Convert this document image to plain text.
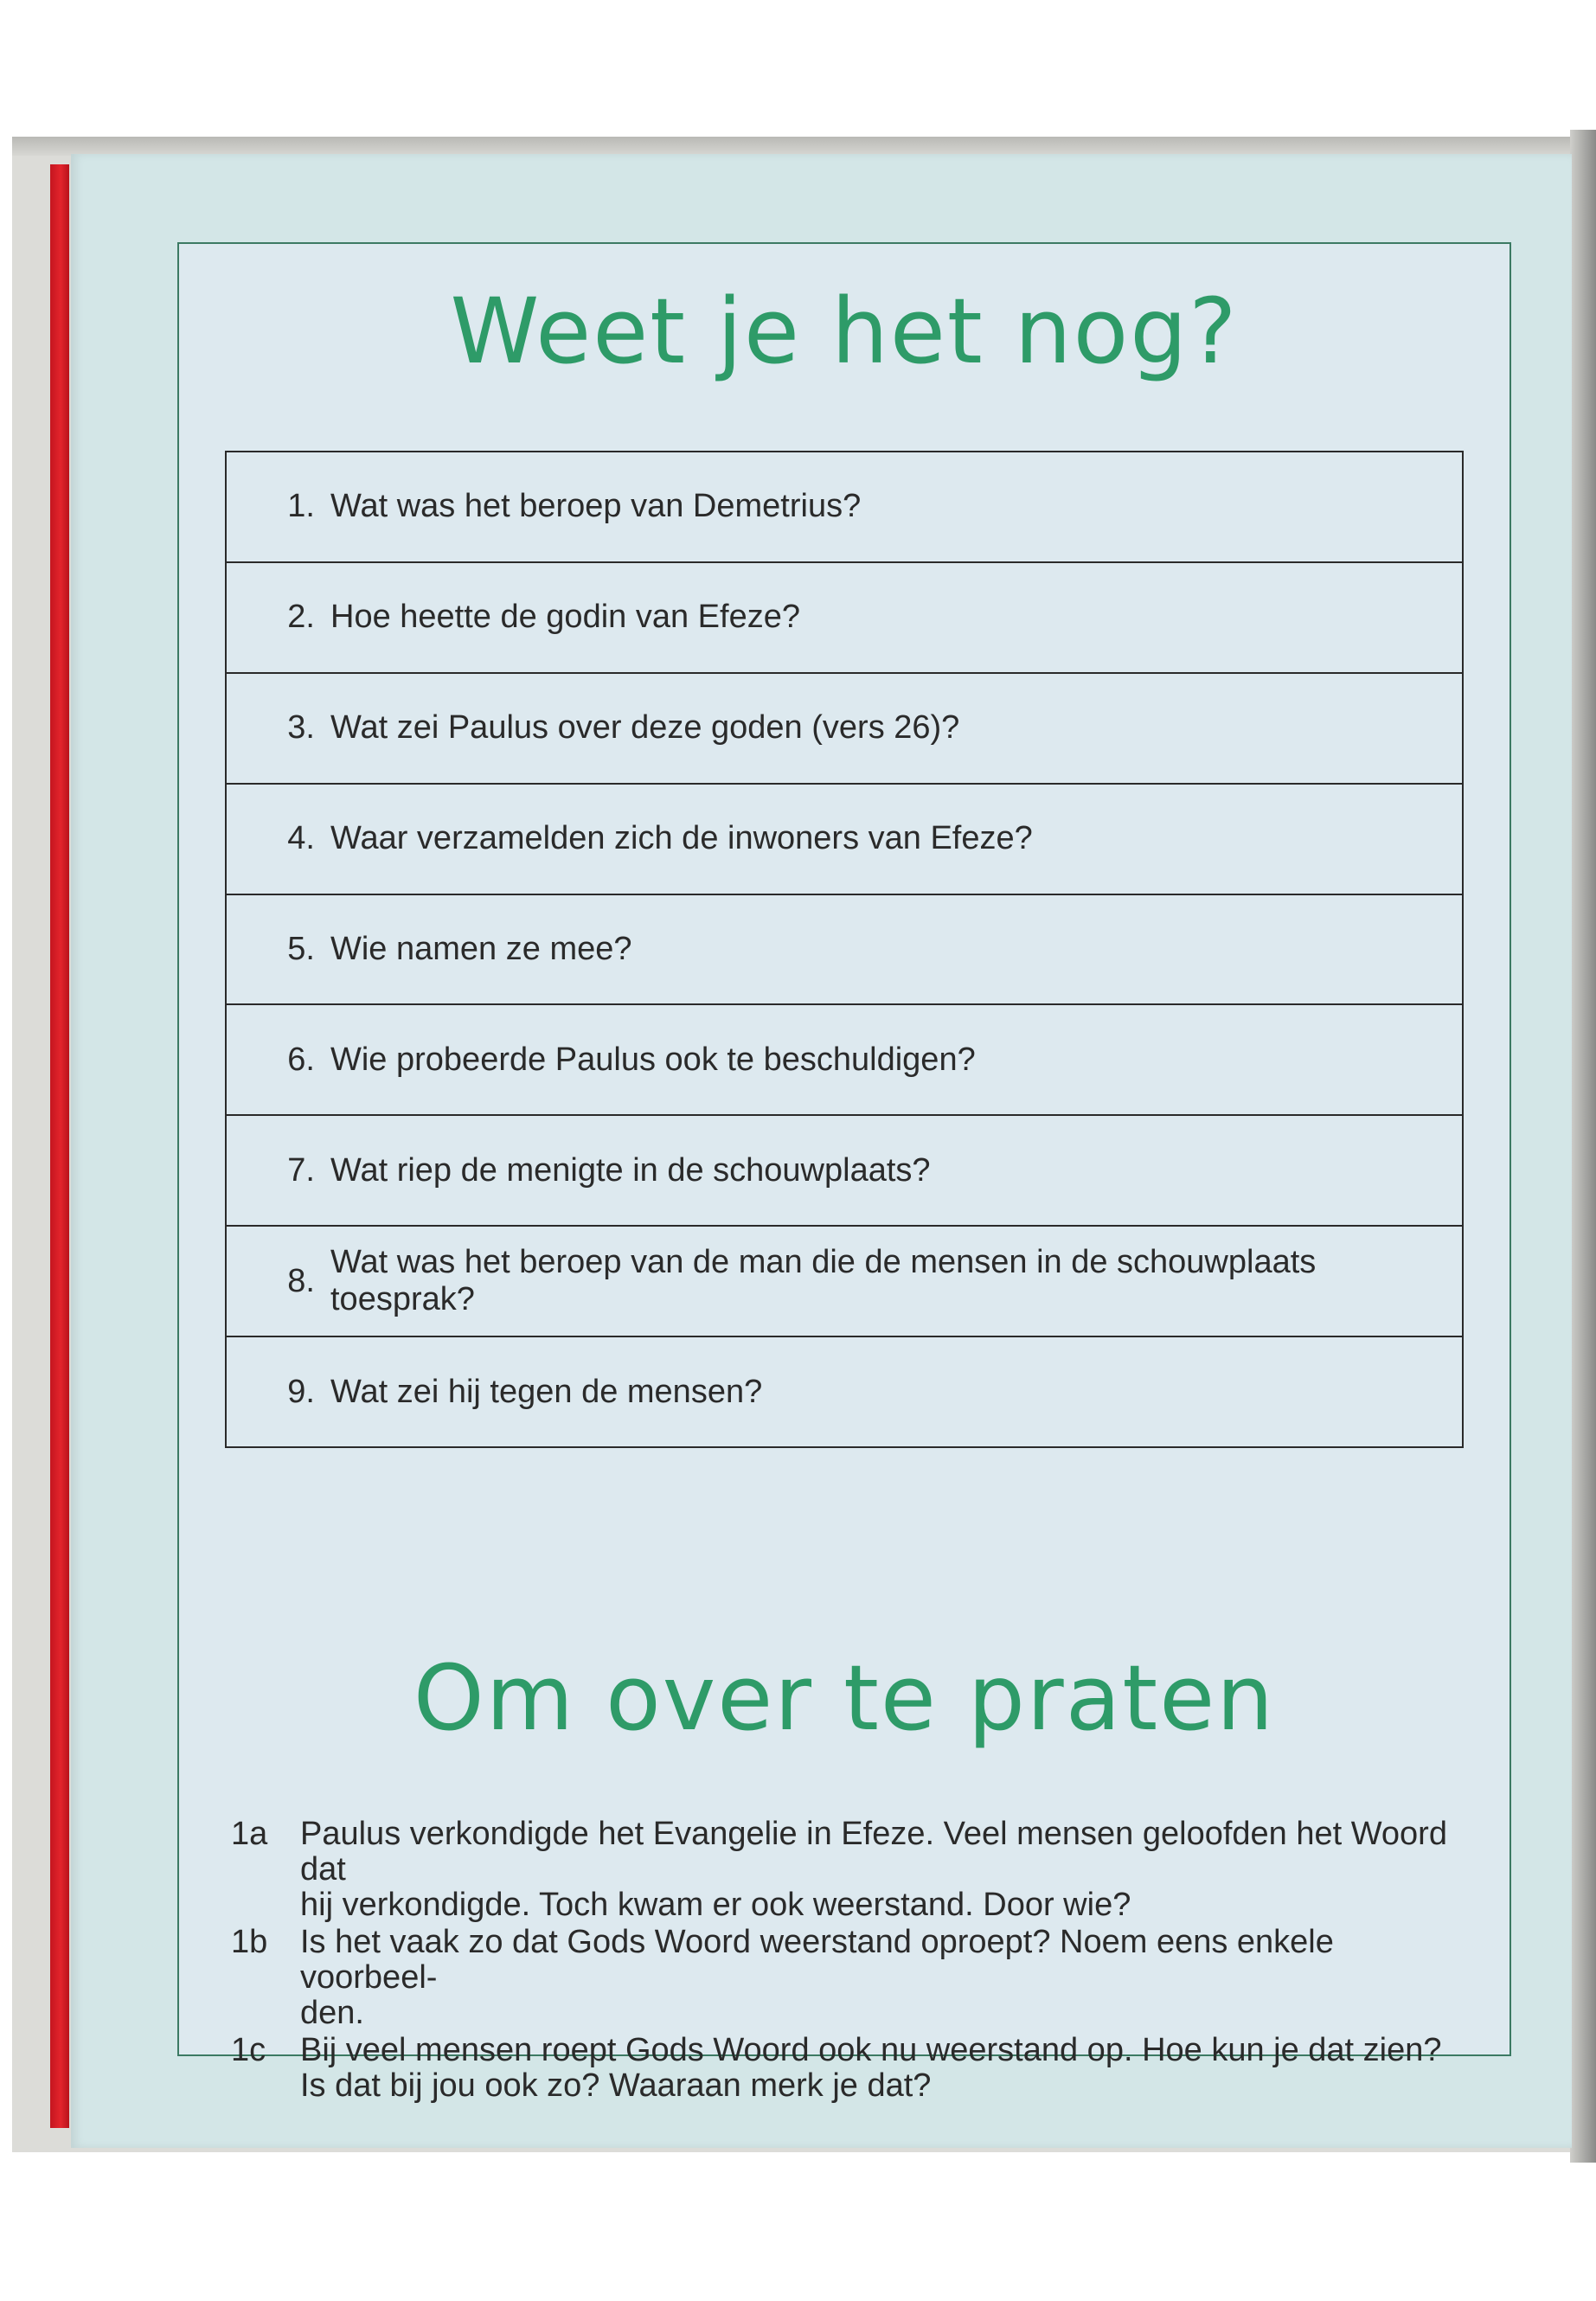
Weet je het nog?
1. Wat was het beroep van Demetrius?
2. Hoe heette de godin van Efeze?
3. Wat zei Paulus over deze goden (vers 26)?
4. Waar verzamelden zich de inwoners van Efeze?
5. Wie namen ze mee?
6. Wie probeerde Paulus ook te beschuldigen?
7. Wat riep de menigte in de schouwplaats?
8.
Wat was het beroep van de man die de mensen in de schouwplaats toesprak?
9. Wat zei hij tegen de mensen?
Om over te praten
1a Paulus verkondigde het Evangelie in Efeze. Veel mensen geloofden het Woord dat
hij verkondigde. Toch kwam er ook weerstand. Door wie?
1b Is het vaak zo dat Gods Woord weerstand oproept? Noem eens enkele voorbeel-
den.
1c	Bij veel mensen roept Gods Woord ook nu weerstand op. Hoe kun je dat zien?
Is dat bij jou ook zo? Waaraan merk je dat?
